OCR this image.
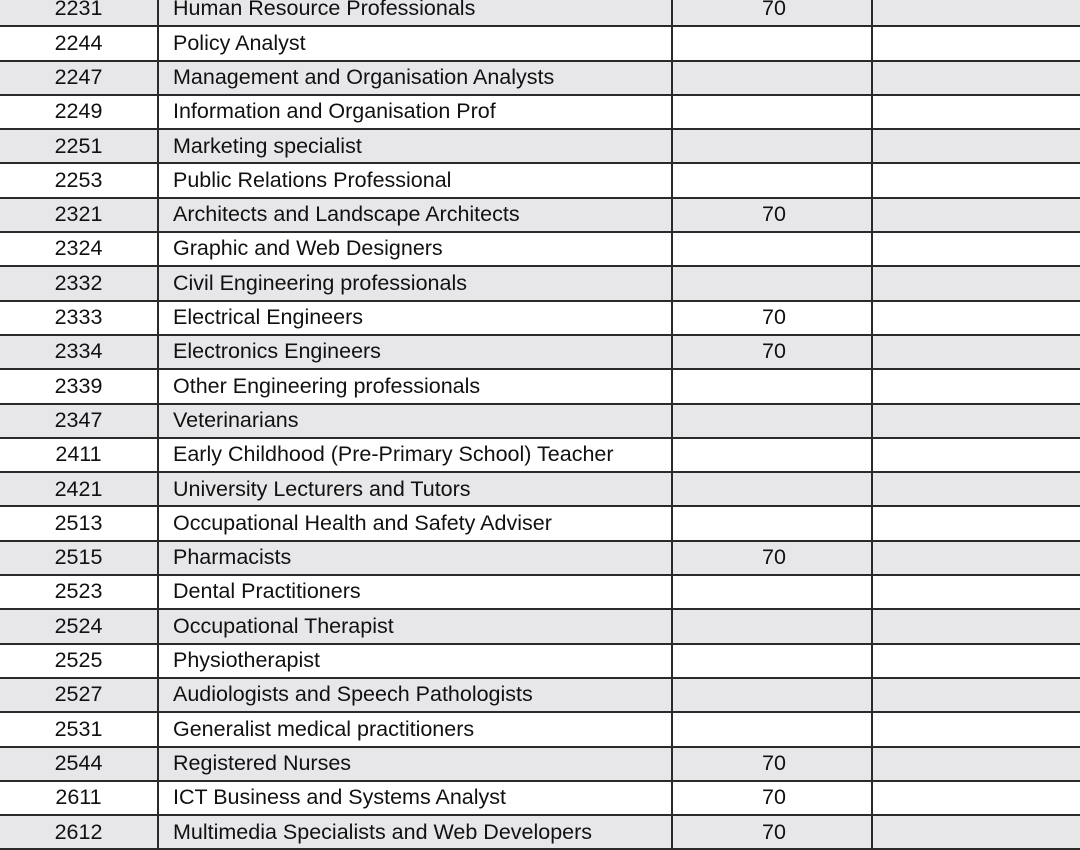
2231	Human Resource Professionals	70	
2244	Policy Analyst		
2247	Management and Organisation Analysts		
2249	Information and Organisation Prof		
2251	Marketing specialist		
2253	Public Relations Professional		
2321	Architects and Landscape Architects	70	
2324	Graphic and Web Designers		
2332	Civil Engineering professionals		
2333	Electrical Engineers	70	
2334	Electronics Engineers	70	
2339	Other Engineering professionals		
2347	Veterinarians		
2411	Early Childhood (Pre-Primary School) Teacher		
2421	University Lecturers and Tutors		
2513	Occupational Health and Safety Adviser		
2515	Pharmacists	70	
2523	Dental Practitioners		
2524	Occupational Therapist		
2525	Physiotherapist		
2527	Audiologists and Speech Pathologists		
2531	Generalist medical practitioners		
2544	Registered Nurses	70	
2611	ICT Business and Systems Analyst	70	
2612	Multimedia Specialists and Web Developers	70	
